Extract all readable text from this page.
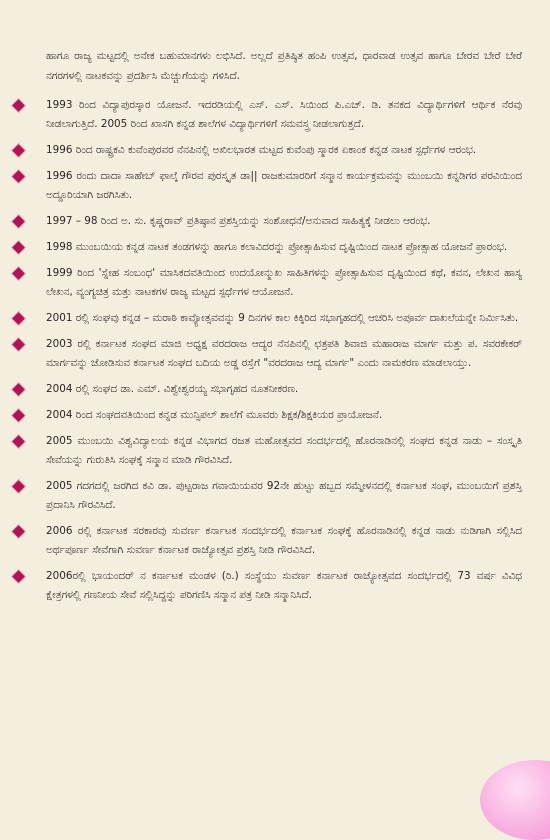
ಹಾಗೂ ರಾಜ್ಯ ಮಟ್ಟದಲ್ಲಿ ಅನೇಕ ಬಹುಮಾನಗಳು ಲಭಿಸಿದೆ. ಅಲ್ಲದೆ ಪ್ರತಿಷ್ಠಿತ ಹಂಪಿ ಉತ್ಸವ, ಧಾರವಾಡ ಉತ್ಸವ ಹಾಗೂ ಬೇರವ ಬೇರೆ ಬೇರೆ ನಗರಗಳಲ್ಲಿ ನಾಟಕವನ್ನು ಪ್ರದರ್ಶಿಸಿ ಮೆಚ್ಚುಗೆಯನ್ನು ಗಳಿಸಿದೆ.

1993 ರಿಂದ ವಿದ್ಯಾಪುರಸ್ಕಾರ ಯೋಜನೆ. ಇದರಡಿಯಲ್ಲಿ ಎಸ್. ಎಸ್. ಸಿಯಿಂದ ಪಿ.ಎಚ್. ಡಿ. ತನಕದ ವಿದ್ಯಾರ್ಥಿಗಳಿಗೆ ಆರ್ಥಿಕ ನೆರವು ನೀಡಲಾಗುತ್ತಿದೆ. 2005 ರಿಂದ ಖಾಸಗಿ ಕನ್ನಡ ಶಾಲೆಗಳ ವಿದ್ಯಾರ್ಥಿಗಳಿಗೆ ಸಮವಸ್ತ್ರ ನೀಡಲಾಗುತ್ತದೆ.
1996 ರಿಂದ ರಾಷ್ಟ್ರಕವಿ ಕುವೆಂಪುರವರ ನೆನಪಿನಲ್ಲಿ ಅಖಿಲಭಾರತ ಮಟ್ಟದ ಕುವೆಂಪು ಸ್ಮಾರಕ ಏಕಾಂಕ ಕನ್ನಡ ನಾಟಕ ಸ್ಪರ್ಧೆಗಳ ಆರಂಭ.
1996 ರಂದು ದಾದಾ ಸಾಹೇಬ್ ಫಾಲ್ಕೆ ಗೌರವ ಪುರಸ್ಕೃತ ಡಾ|| ರಾಜಕುಮಾರರಿಗೆ ಸನ್ಮಾನ ಕಾರ್ಯಕ್ರಮವನ್ನು ಮುಂಬಯಿ ಕನ್ನಡಿಗರ ಪರವಿಯಿಂದ ಅದ್ದೂರಿಯಾಗಿ ಜರಗಿಸಿತು.
1997 – 98 ರಿಂದ ಅ. ಸು. ಕೃಷ್ಣರಾವ್ ಪ್ರತಿಷ್ಠಾನ ಪ್ರಶಸ್ತಿಯನ್ನು ಸಂಶೋಧನೆ/ಅನುವಾದ ಸಾಹಿತ್ಯಕ್ಕೆ ನೀಡಲು ಆರಂಭ.
1998 ಮುಂಬಯಿಯ ಕನ್ನಡ ನಾಟಕ ತಂಡಗಳನ್ನು ಹಾಗೂ ಕಲಾವಿದರನ್ನು ಪ್ರೋತ್ಸಾಹಿಸುವ ದೃಷ್ಟಿಯಿಂದ ನಾಟಕ ಪ್ರೋತ್ಸಾಹ ಯೋಜನೆ ಪ್ರಾರಂಭ.
1999 ರಿಂದ 'ಸ್ನೇಹ ಸಂಬಂಧ' ಮಾಸಿಕದವತಿಯಿಂದ ಉದಯೋನ್ಮುಖ ಸಾಹಿತಿಗಳನ್ನು ಪ್ರೋತ್ಸಾಹಿಸುವ ದೃಷ್ಟಿಯಿಂದ ಕಥೆ, ಕವನ, ಲೇಖನ ಹಾಸ್ಯ ಲೇಖನ, ವ್ಯಂಗ್ಯಚಿತ್ರ ಮತ್ತು ನಾಟಕಗಳ ರಾಜ್ಯ ಮಟ್ಟದ ಸ್ಪರ್ಧೆಗಳ ಆಯೋಜನೆ.
2001 ರಲ್ಲಿ ಸಂಘವು ಕನ್ನಡ – ಮರಾಠಿ ಕಾವ್ಯೋತ್ಸವವನ್ನು 9 ದಿನಗಳ ಕಾಲ ಕಿಕ್ಕಿರಿದ ಸಭಾಗೃಹದಲ್ಲಿ ಆಚರಿಸಿ ಅಪೂರ್ವ ದಾಖಲೆಯನ್ನೇ ನಿರ್ಮಿಸಿತು.
2003 ರಲ್ಲಿ ಕರ್ನಾಟಕ ಸಂಘದ ಮಾಜಿ ಅಧ್ಯಕ್ಷ ವರದರಾಜ ಆದ್ಯರ ನೆನಪಿನಲ್ಲಿ ಛತ್ರಪತಿ ಶಿವಾಜಿ ಮಹಾರಾಜ ಮಾರ್ಗ ಮತ್ತು ಪ. ಸವರಕೇಕರ್ ಮಾರ್ಗವನ್ನು ಜೋಡಿಸುವ ಕರ್ನಾಟಕ ಸಂಘದ ಬದಿಯ ಅಡ್ಡ ರಸ್ತೆಗೆ "ವರದರಾಜ ಆದ್ಯ ಮಾರ್ಗ" ಎಂದು ನಾಮಕರಣ ಮಾಡಲಾಯ್ತು.
2004 ರಲ್ಲಿ ಸಂಘದ ಡಾ. ಎಮ್. ವಿಶ್ವೇಶ್ವರಯ್ಯ ಸಭಾಗೃಹದ ನೂತನೀಕರಣ.
2004 ರಿಂದ ಸಂಘದವತಿಯಿಂದ ಕನ್ನಡ ಮುನ್ಸಿಪಲ್ ಶಾಲೆಗೆ ಮೂವರು ಶಿಕ್ಷಕ/ಶಿಕ್ಷಕಿಯರ ಪ್ರಾಯೋಜನೆ.
2005 ಮುಂಬಯಿ ವಿಶ್ವವಿದ್ಯಾಲಯ ಕನ್ನಡ ವಿಭಾಗದ ರಜತ ಮಹೋತ್ಸವದ ಸಂದರ್ಭದಲ್ಲಿ ಹೊರನಾಡಿನಲ್ಲಿ ಸಂಘದ ಕನ್ನಡ ನಾಡು – ಸಂಸ್ಕೃತಿ ಸೇವೆಯನ್ನು ಗುರುತಿಸಿ ಸಂಘಕ್ಕೆ ಸನ್ಮಾನ ಮಾಡಿ ಗೌರವಿಸಿದೆ.
2005 ಗದಗದಲ್ಲಿ ಜರಗಿದ ಕವಿ ಡಾ. ಪುಟ್ಟರಾಜ ಗವಾಯಿಯವರ 92ನೇ ಹುಟ್ಟು ಹಬ್ಬದ ಸಮ್ಮೇಳನದಲ್ಲಿ ಕರ್ನಾಟಕ ಸಂಘ, ಮುಂಬಯಿಗೆ ಪ್ರಶಸ್ತಿ ಪ್ರದಾನಿಸಿ ಗೌರವಿಸಿದೆ.
2006 ರಲ್ಲಿ ಕರ್ನಾಟಕ ಸರಕಾರವು ಸುವರ್ಣ ಕರ್ನಾಟಕ ಸಂದರ್ಭದಲ್ಲಿ ಕರ್ನಾಟಕ ಸಂಘಕ್ಕೆ ಹೊರನಾಡಿನಲ್ಲಿ ಕನ್ನಡ ನಾಡು ನುಡಿಗಾಗಿ ಸಲ್ಲಿಸಿದ ಅರ್ಥಪೂರ್ಣ ಸೇವೆಗಾಗಿ ಸುವರ್ಣ ಕರ್ನಾಟಕ ರಾಜ್ಯೋತ್ಸವ ಪ್ರಶಸ್ತಿ ನೀಡಿ ಗೌರವಿಸಿದೆ.
2006ರಲ್ಲಿ ಭಾಯಂದರ್ ನ ಕರ್ನಾಟಕ ಮಂಡಳ (ರಿ.) ಸಂಸ್ಥೆಯು ಸುವರ್ಣ ಕರ್ನಾಟಕ ರಾಜ್ಯೋತ್ಸವದ ಸಂದರ್ಭದಲ್ಲಿ 73 ವರ್ಷ ವಿವಿಧ ಕ್ಷೇತ್ರಗಳಲ್ಲಿ ಗಣನೀಯ ಸೇವೆ ಸಲ್ಲಿಸಿದ್ದನ್ನು ಪರಿಗಣಿಸಿ ಸನ್ಮಾನ ಪತ್ರ ನೀಡಿ ಸನ್ಮಾನಿಸಿದೆ.
